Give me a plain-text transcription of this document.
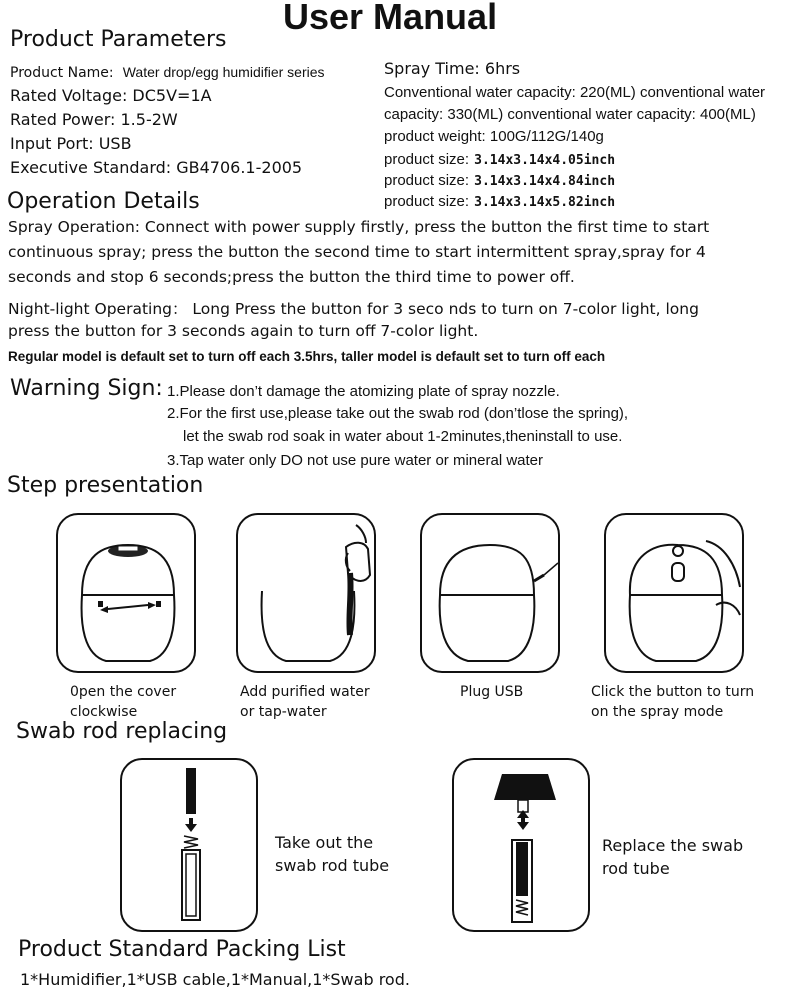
User Manual
Product Parameters
Product Name: Water drop/egg humidifier series
Rated Voltage: DC5V=1A
Rated Power: 1.5-2W
Input Port: USB
Executive Standard: GB4706.1-2005
Spray Time: 6hrs
Conventional water capacity: 220(ML) conventional water
capacity: 330(ML) conventional water capacity: 400(ML)
product weight: 100G/112G/140g
product size: 3.14x3.14x4.05inch
product size: 3.14x3.14x4.84inch
product size: 3.14x3.14x5.82inch
Operation Details
Spray Operation: Connect with power supply firstly, press the button the first time to start
continuous spray; press the button the second time to start intermittent spray,spray for 4
seconds and stop 6 seconds;press the button the third time to power off.
Night-light Operating： Long Press the button for 3 seco nds to turn on 7-color light, long
press the button for 3 seconds again to turn off 7-color light.
Regular model is default set to turn off each 3.5hrs, taller model is default set to turn off each
Warning Sign: 1.Please don’t damage the atomizing plate of spray nozzle.
2.For the first use,please take out the swab rod (don’tlose the spring),
let the swab rod soak in water about 1-2minutes,theninstall to use.
3.Tap water only DO not use pure water or mineral water
Step presentation
0pen the cover
clockwise
Add purified water
or tap-water
Plug USB	Click the button to turn
on the spray mode
Swab rod replacing
Take out the
swab rod tube
Replace the swab
rod tube
Product Standard Packing List
1*Humidifier,1*USB cable,1*Manual,1*Swab rod.
